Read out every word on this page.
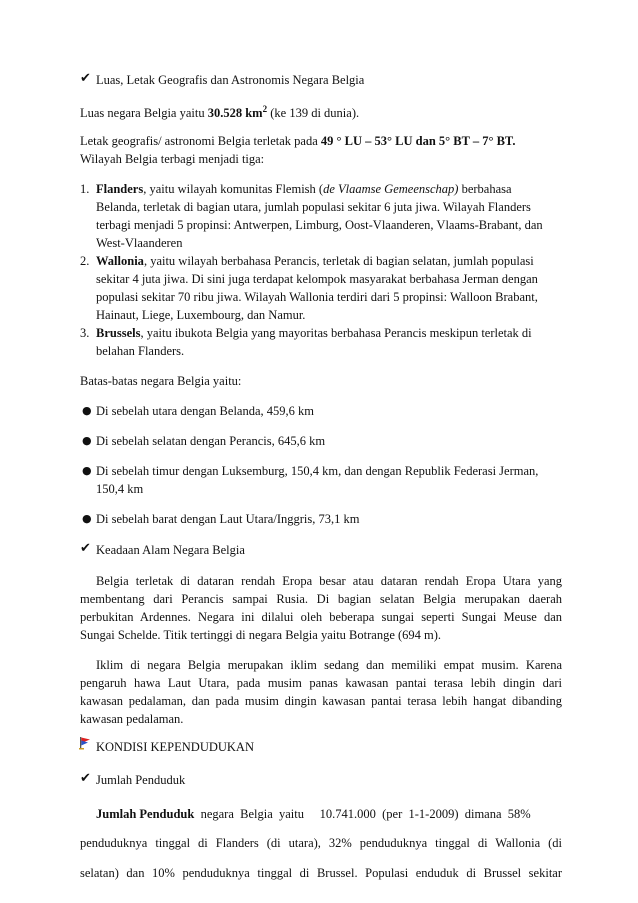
✔ Luas, Letak Geografis dan Astronomis Negara Belgia
Luas negara Belgia yaitu 30.528 $km^2$ (ke 139 di dunia).
Letak geografis/ astronomi Belgia terletak pada 49 ° LU – 53° LU dan 5° BT – 7° BT.
Wilayah Belgia terbagi menjadi tiga:
1. Flanders, yaitu wilayah komunitas Flemish (de Vlaamse Gemeenschap) berbahasa
Belanda, terletak di bagian utara, jumlah populasi sekitar 6 juta jiwa. Wilayah Flanders
terbagi menjadi 5 propinsi: Antwerpen, Limburg, Oost-Vlaanderen, Vlaams-Brabant, dan
West-Vlaanderen
2. Wallonia, yaitu wilayah berbahasa Perancis, terletak di bagian selatan, jumlah populasi
sekitar 4 juta jiwa. Di sini juga terdapat kelompok masyarakat berbahasa Jerman dengan
populasi sekitar 70 ribu jiwa. Wilayah Wallonia terdiri dari 5 propinsi: Walloon Brabant,
Hainaut, Liege, Luxembourg, dan Namur.
3. Brussels, yaitu ibukota Belgia yang mayoritas berbahasa Perancis meskipun terletak di
belahan Flanders.
Batas-batas negara Belgia yaitu:
● Di sebelah utara dengan Belanda, 459,6 km
● Di sebelah selatan dengan Perancis, 645,6 km
● Di sebelah timur dengan Luksemburg, 150,4 km, dan dengan Republik Federasi Jerman,
150,4 km
● Di sebelah barat dengan Laut Utara/Inggris, 73,1 km
✔ Keadaan Alam Negara Belgia
Belgia terletak di dataran rendah Eropa besar atau dataran rendah Eropa Utara yang
membentang dari Perancis sampai Rusia. Di bagian selatan Belgia merupakan daerah
perbukitan Ardennes. Negara ini dilalui oleh beberapa sungai seperti Sungai Meuse dan
Sungai Schelde. Titik tertinggi di negara Belgia yaitu Botrange (694 m).
Iklim di negara Belgia merupakan iklim sedang dan memiliki empat musim. Karena
pengaruh hawa Laut Utara, pada musim panas kawasan pantai terasa lebih dingin dari
kawasan pedalaman, dan pada musim dingin kawasan pantai terasa lebih hangat dibanding
kawasan pedalaman.
KONDISI KEPENDUDUKAN
✔ Jumlah Penduduk
Jumlah Penduduk  negara  Belgia  yaitu     10.741.000  (per  1-1-2009)  dimana  58%
penduduknya tinggal di Flanders (di utara), 32% penduduknya tinggal di Wallonia (di
selatan) dan 10% penduduknya tinggal di Brussel. Populasi enduduk di Brussel sekitar
